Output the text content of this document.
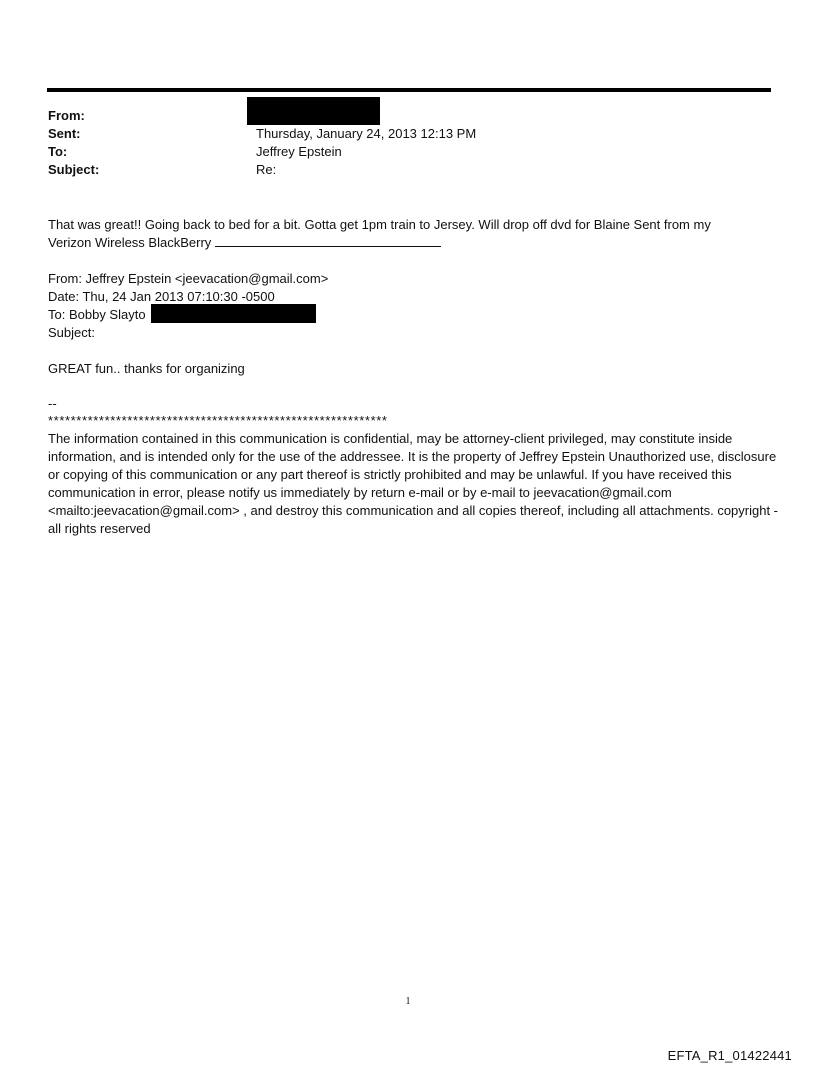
From:
Sent:	Thursday, January 24, 2013 12:13 PM
To:	Jeffrey Epstein
Subject:	Re:
That was great!! Going back to bed for a bit. Gotta get 1pm train to Jersey. Will drop off dvd for Blaine Sent from my
Verizon Wireless BlackBerry
From: Jeffrey Epstein <jeevacation@gmail.com>
Date: Thu, 24 Jan 2013 07:10:30 -0500
To: Bobby Slayto
Subject:
GREAT fun.. thanks for organizing
--
************************************************************
The information contained in this communication is confidential, may be attorney-client privileged, may constitute inside information, and is intended only for the use of the addressee. It is the property of Jeffrey Epstein Unauthorized use, disclosure or copying of this communication or any part thereof is strictly prohibited and may be unlawful. If you have received this communication in error, please notify us immediately by return e-mail or by e-mail to jeevacation@gmail.com <mailto:jeevacation@gmail.com> , and destroy this communication and all copies thereof, including all attachments. copyright -all rights reserved
1
EFTA_R1_01422441
